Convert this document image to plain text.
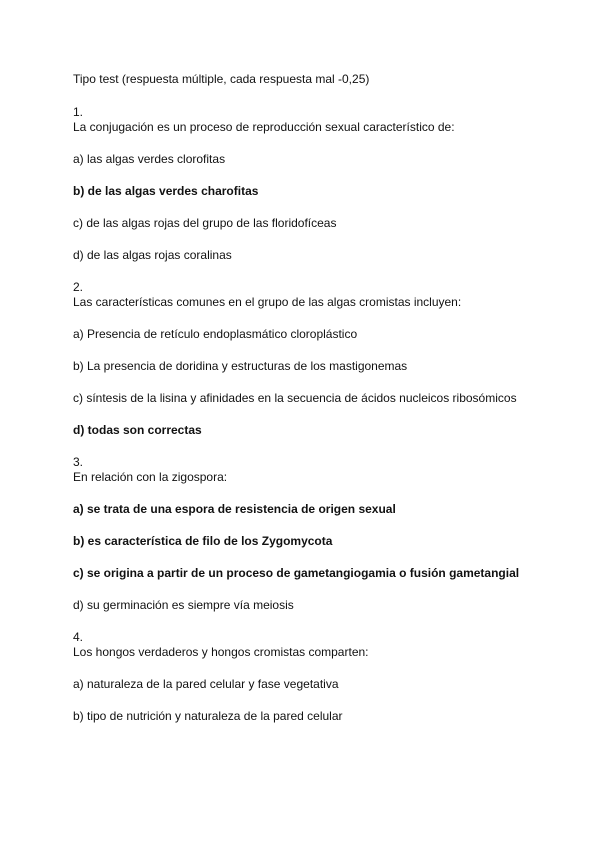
Tipo test (respuesta múltiple, cada respuesta mal -0,25)

1.
La conjugación es un proceso de reproducción sexual característico de:
a) las algas verdes clorofitas
b) de las algas verdes charofitas
c) de las algas rojas del grupo de las floridofíceas
d) de las algas rojas coralinas
2.
Las características comunes en el grupo de las algas cromistas incluyen:
a) Presencia de retículo endoplasmático cloroplástico
b) La presencia de doridina y estructuras de los mastigonemas
c) síntesis de la lisina y afinidades en la secuencia de ácidos nucleicos ribosómicos
d) todas son correctas
3.
En relación con la zigospora:
a) se trata de una espora de resistencia de origen sexual
b) es característica de filo de los Zygomycota
c) se origina a partir de un proceso de gametangiogamia o fusión gametangial
d) su germinación es siempre vía meiosis
4.
Los hongos verdaderos y hongos cromistas comparten:
a) naturaleza de la pared celular y fase vegetativa
b) tipo de nutrición y naturaleza de la pared celular
